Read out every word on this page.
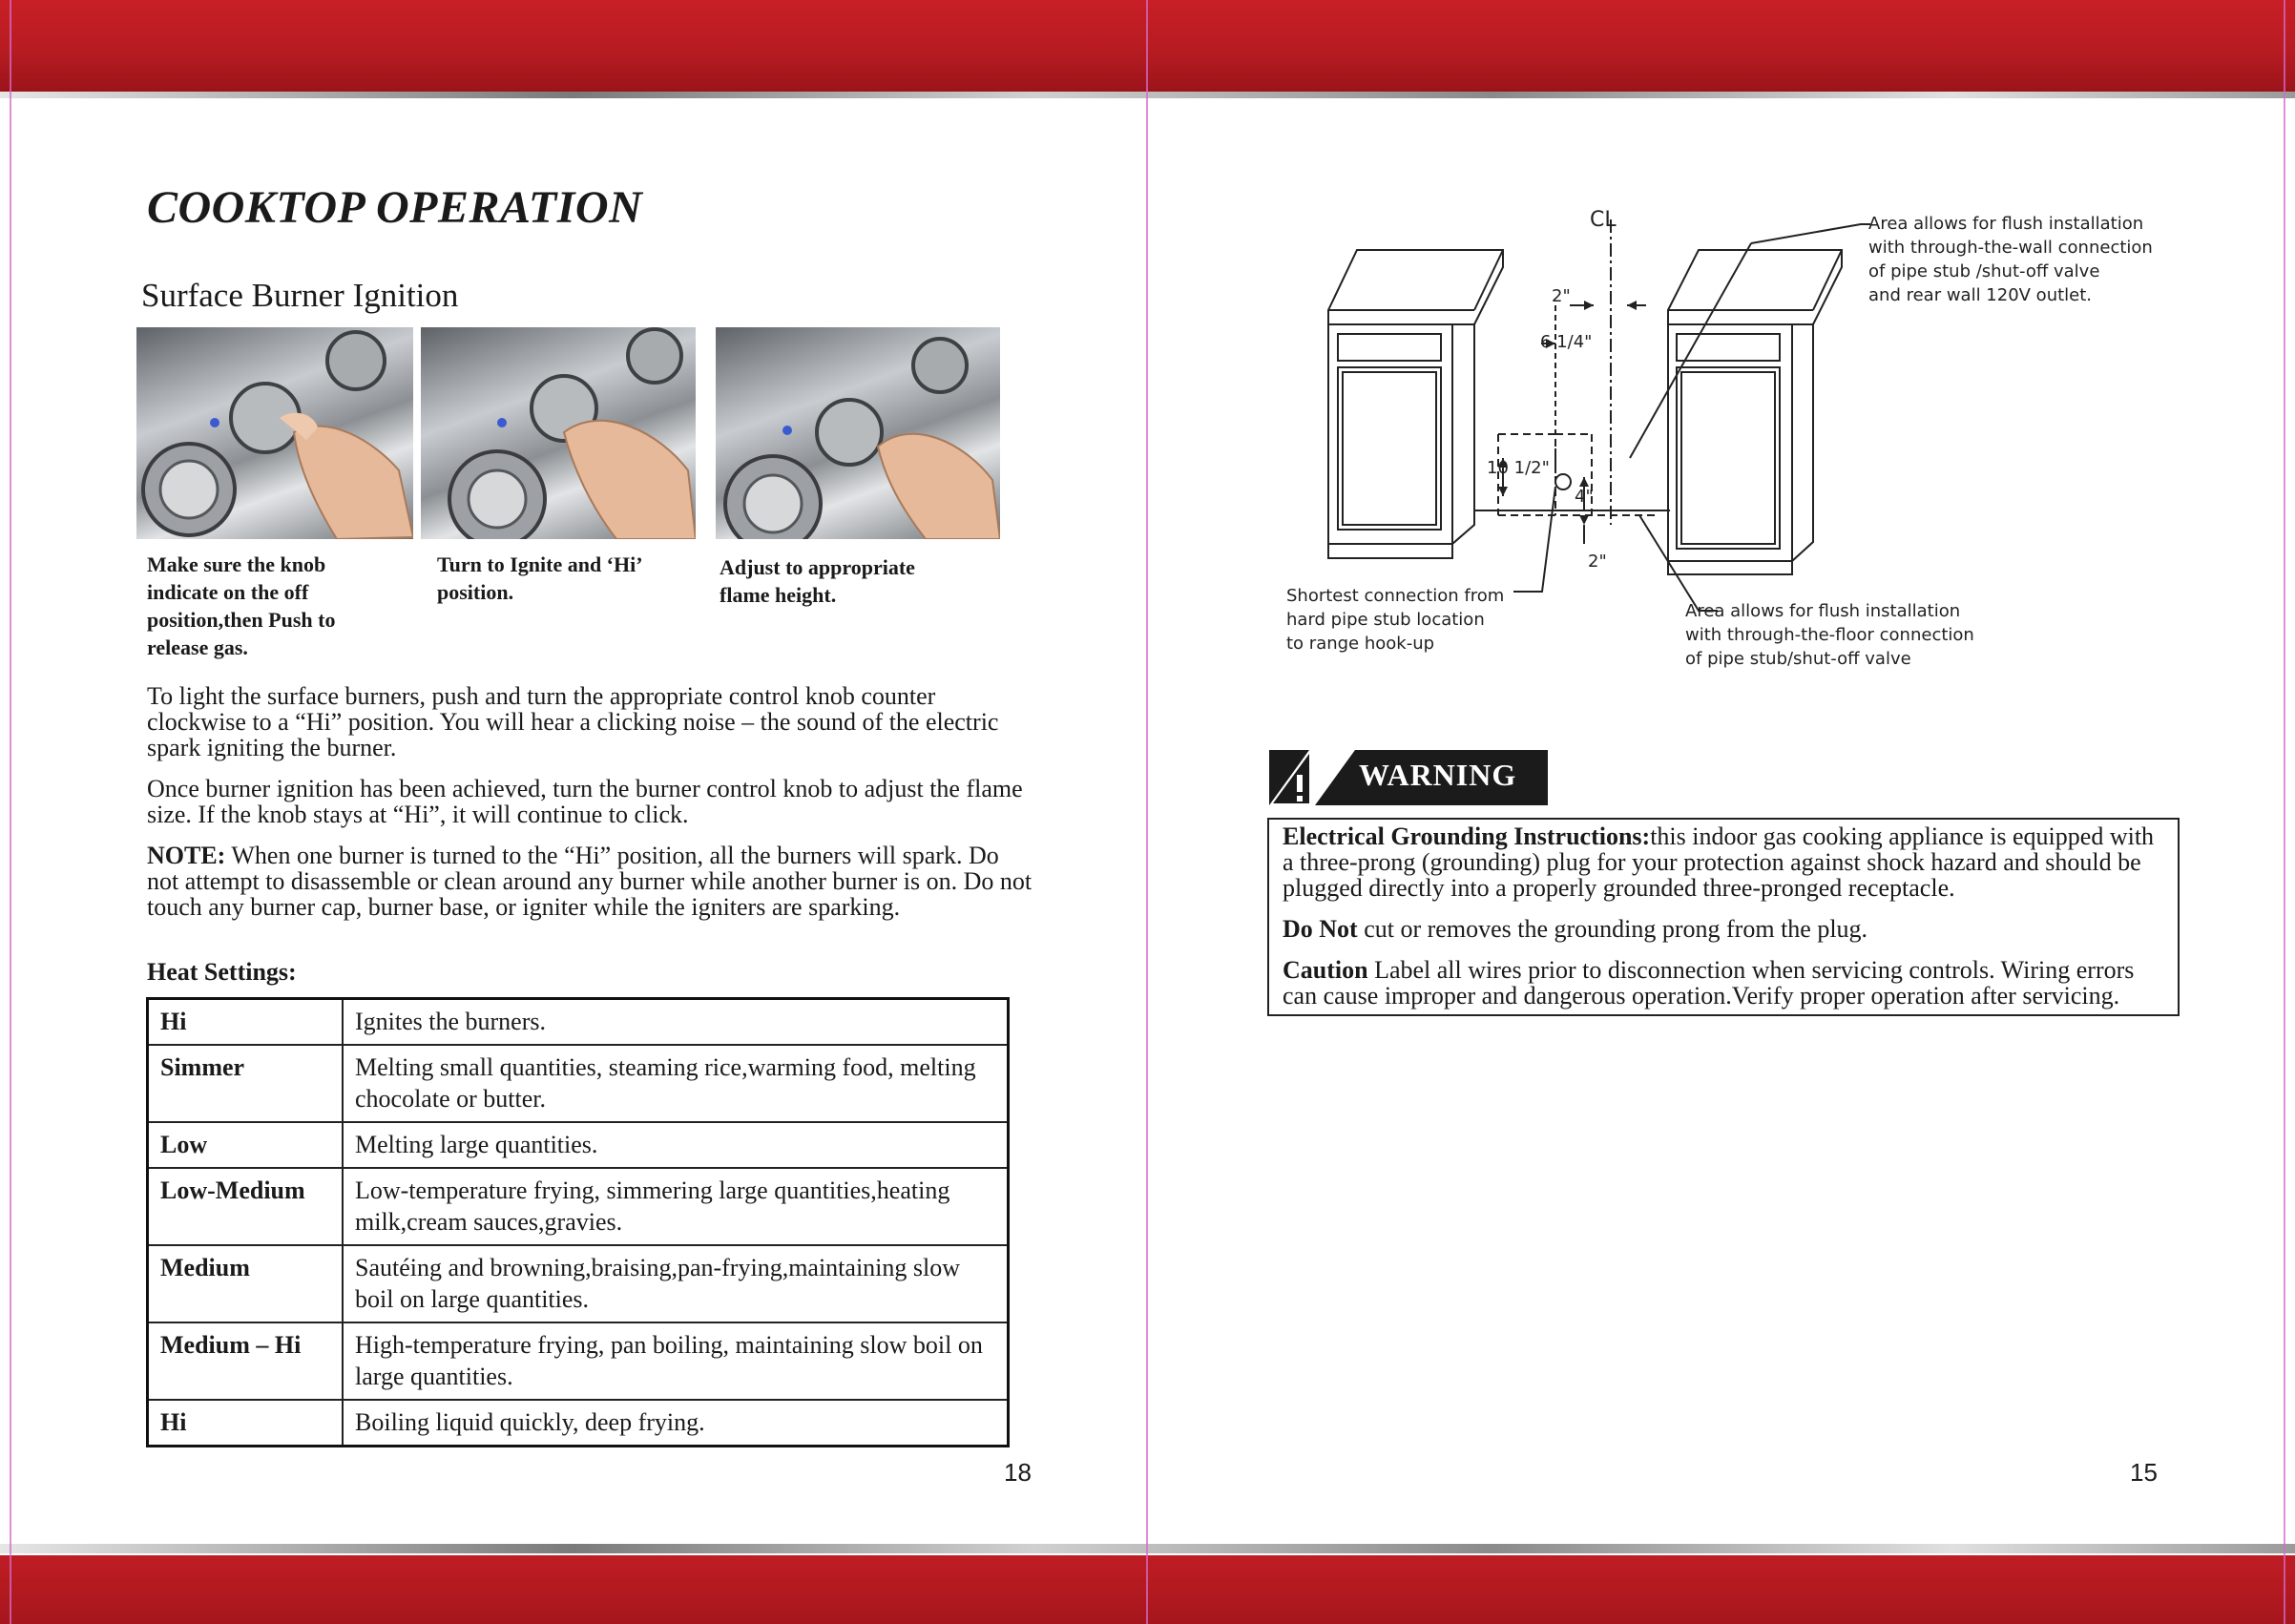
COOKTOP OPERATION
Surface Burner Ignition
Make sure the knob indicate on the off position,then Push to release gas.
Turn to Ignite and ‘Hi’ position.
Adjust to appropriate flame height.
To light the surface burners, push and turn the appropriate control knob counter clockwise to a “Hi” position. You will hear a clicking noise – the sound of the electric spark igniting the burner.
Once burner ignition has been achieved, turn the burner control knob to adjust the flame size. If the knob stays at “Hi”, it will continue to click.
NOTE: When one burner is turned to the “Hi” position, all the burners will spark. Do not attempt to disassemble or clean around any burner while another burner is on. Do not touch any burner cap, burner base, or igniter while the igniters are sparking.
Heat Settings:
Hi	Ignites the burners.
Simmer	Melting small quantities, steaming rice,warming food, melting chocolate or butter.
Low	Melting large quantities.
Low-Medium	Low-temperature frying, simmering large quantities,heating milk,cream sauces,gravies.
Medium	Sautéing and browning,braising,pan-frying,maintaining slow boil on large quantities.
Medium – Hi	High-temperature frying, pan boiling, maintaining slow boil on large quantities.
Hi	Boiling liquid quickly, deep frying.
18
CL
2"
6 1/4"
10 1/2"
4"
2"
Area allows for flush installation
with through-the-wall connection
of pipe stub /shut-off valve
and rear wall 120V outlet.
Shortest connection from
hard pipe stub location
to range hook-up
Area allows for flush installation
with through-the-floor connection
of pipe stub/shut-off valve
WARNING

Electrical Grounding Instructions:this indoor gas cooking appliance is equipped with a three-prong (grounding) plug for your protection against shock hazard and should be plugged directly into a properly grounded three-pronged receptacle.

Do Not cut or removes the grounding prong from the plug.

Caution Label all wires prior to disconnection when servicing controls. Wiring errors can cause improper and dangerous operation.Verify proper operation after servicing.

15
